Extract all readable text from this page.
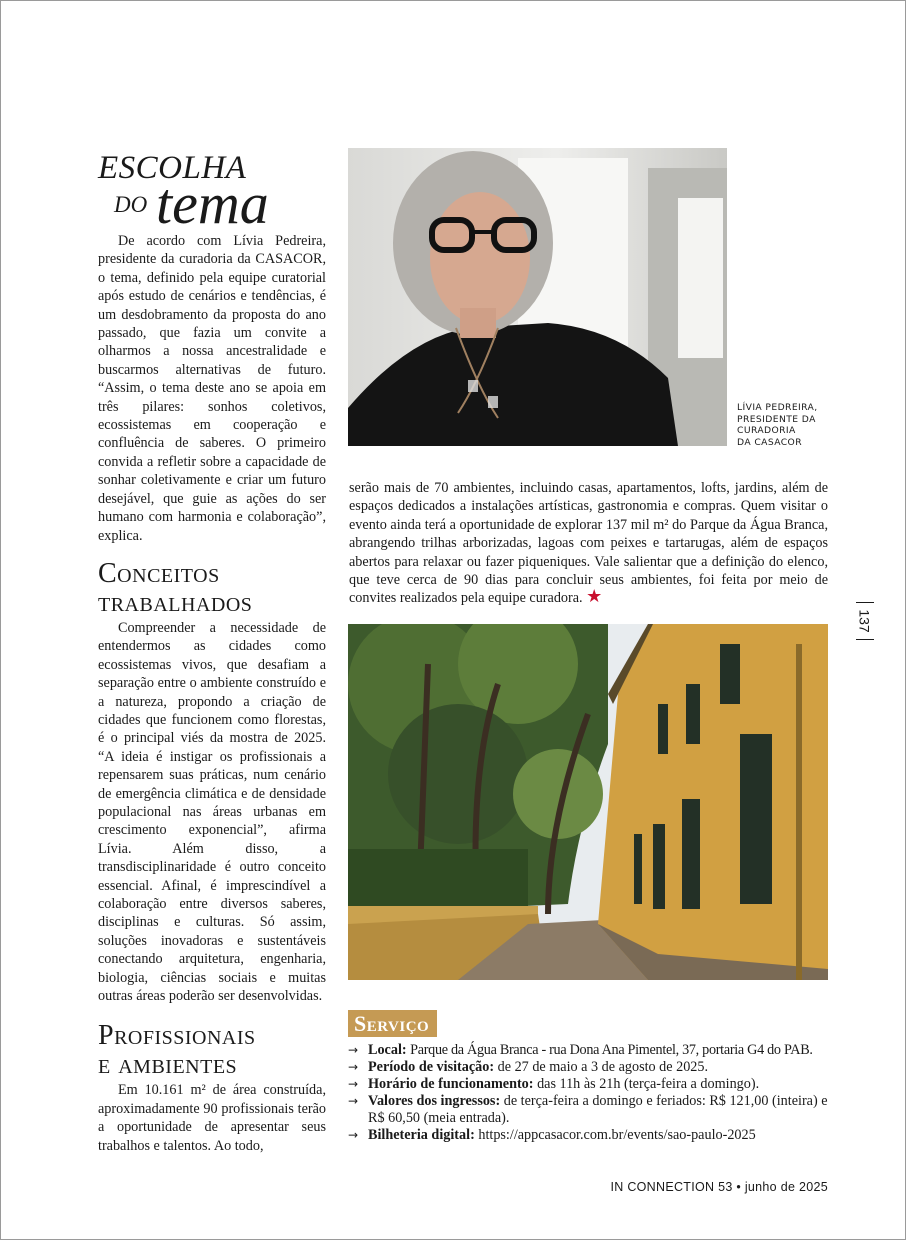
ESCOLHA
DO tema

De acordo com Lívia Pedreira, presidente da curadoria da CASACOR, o tema, definido pela equipe curatorial após estudo de cenários e tendências, é um desdobramento da proposta do ano passado, que fazia um convite a olharmos a nossa ancestralidade e buscarmos alternativas de futuro. “Assim, o tema deste ano se apoia em três pilares: sonhos coletivos, ecossistemas em cooperação e confluência de saberes. O primeiro convida a refletir sobre a capacidade de sonhar coletivamente e criar um futuro desejável, que guie as ações do ser humano com harmonia e colaboração”, explica.

Conceitos
trabalhados

Compreender a necessidade de entendermos as cidades como ecossistemas vivos, que desafiam a separação entre o ambiente construído e a natureza, propondo a criação de cidades que funcionem como florestas, é o principal viés da mostra de 2025. “A ideia é instigar os profissionais a repensarem suas práticas, num cenário de emergência climática e de densidade populacional nas áreas urbanas em crescimento exponencial”, afirma Lívia. Além disso, a transdisciplinaridade é outro conceito essencial. Afinal, é imprescindível a colaboração entre diversos saberes, disciplinas e culturas. Só assim, soluções inovadoras e sustentáveis conectando arquitetura, engenharia, biologia, ciências sociais e muitas outras áreas poderão ser desenvolvidas.

Profissionais
e ambientes

Em 10.161 m² de área construída, aproximadamente 90 profissionais terão a oportunidade de apresentar seus trabalhos e talentos. Ao todo,

LÍVIA PEDREIRA,
PRESIDENTE DA
CURADORIA
DA CASACOR

serão mais de 70 ambientes, incluindo casas, apartamentos, lofts, jardins, além de espaços dedicados a instalações artísticas, gastronomia e compras. Quem visitar o evento ainda terá a oportunidade de explorar 137 mil m² do Parque da Água Branca, abrangendo trilhas arborizadas, lagoas com peixes e tartarugas, além de espaços abertos para relaxar ou fazer piqueniques. Vale salientar que a definição do elenco, que teve cerca de 90 dias para concluir seus ambientes, foi feita por meio de convites realizados pela equipe curadora. ★

137
Serviço
→ Local: Parque da Água Branca - rua Dona Ana Pimentel, 37, portaria G4 do PAB.
→ Período de visitação: de 27 de maio a 3 de agosto de 2025.
→ Horário de funcionamento: das 11h às 21h (terça-feira a domingo).
→ Valores dos ingressos: de terça-feira a domingo e feriados: R$ 121,00 (inteira) e R$ 60,50 (meia entrada).
→ Bilheteria digital: https://appcasacor.com.br/events/sao-paulo-2025
IN CONNECTION 53 • junho de 2025
